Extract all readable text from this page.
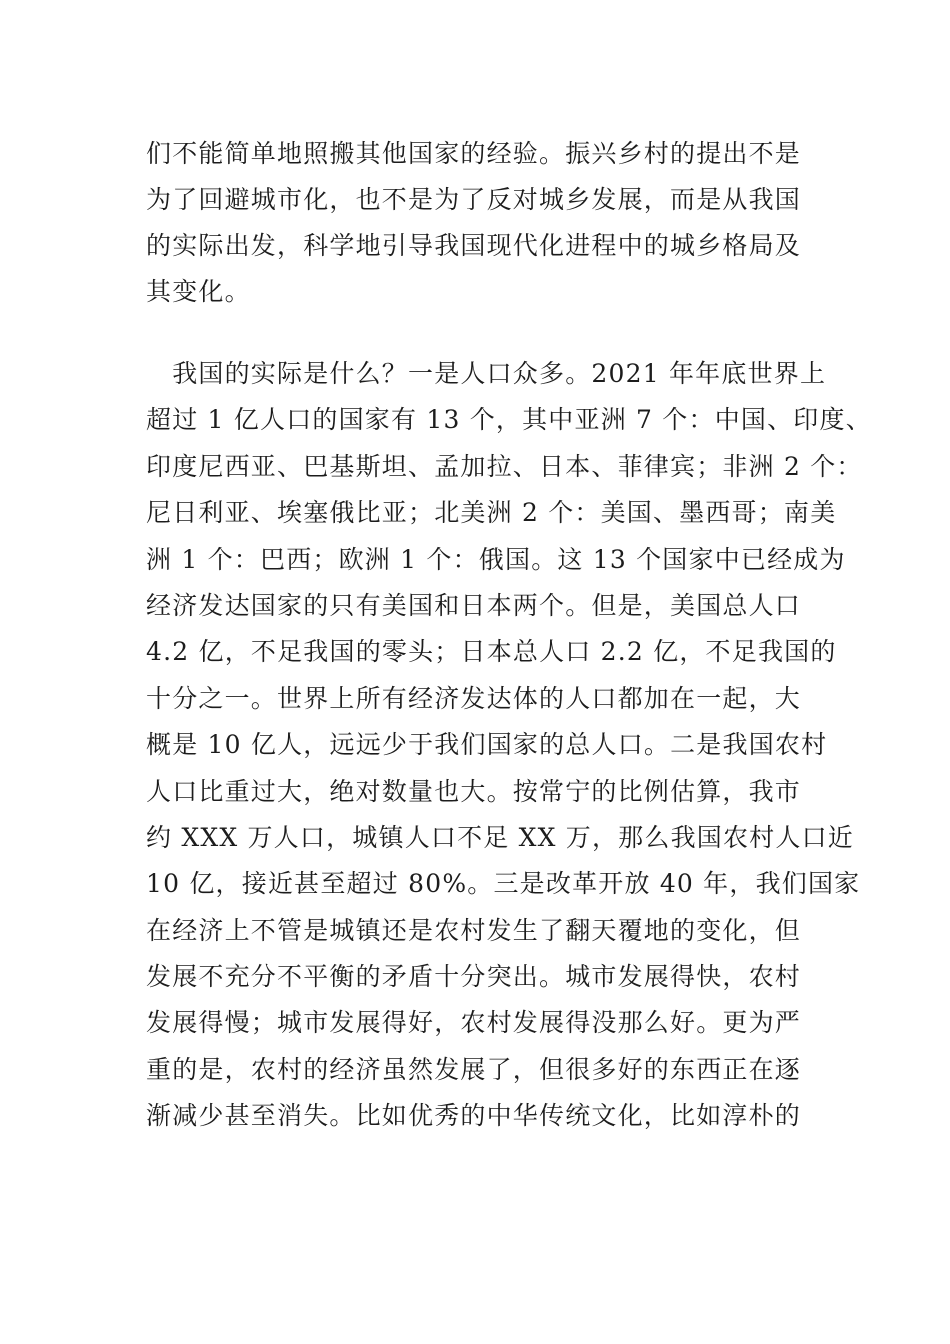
们不能简单地照搬其他国家的经验。振兴乡村的提出不是
为了回避城市化，也不是为了反对城乡发展，而是从我国
的实际出发，科学地引导我国现代化进程中的城乡格局及
其变化。
　我国的实际是什么？一是人口众多。2021 年年底世界上
超过 1 亿人口的国家有 13 个，其中亚洲 7 个：中国、印度、
印度尼西亚、巴基斯坦、孟加拉、日本、菲律宾；非洲 2 个：
尼日利亚、埃塞俄比亚；北美洲 2 个：美国、墨西哥；南美
洲 1 个：巴西；欧洲 1 个：俄国。这 13 个国家中已经成为
经济发达国家的只有美国和日本两个。但是，美国总人口
4.2 亿，不足我国的零头；日本总人口 2.2 亿，不足我国的
十分之一。世界上所有经济发达体的人口都加在一起，大
概是 10 亿人，远远少于我们国家的总人口。二是我国农村
人口比重过大，绝对数量也大。按常宁的比例估算，我市
约 XXX 万人口，城镇人口不足 XX 万，那么我国农村人口近
10 亿，接近甚至超过 80%。三是改革开放 40 年，我们国家
在经济上不管是城镇还是农村发生了翻天覆地的变化，但
发展不充分不平衡的矛盾十分突出。城市发展得快，农村
发展得慢；城市发展得好，农村发展得没那么好。更为严
重的是，农村的经济虽然发展了，但很多好的东西正在逐
渐减少甚至消失。比如优秀的中华传统文化，比如淳朴的
